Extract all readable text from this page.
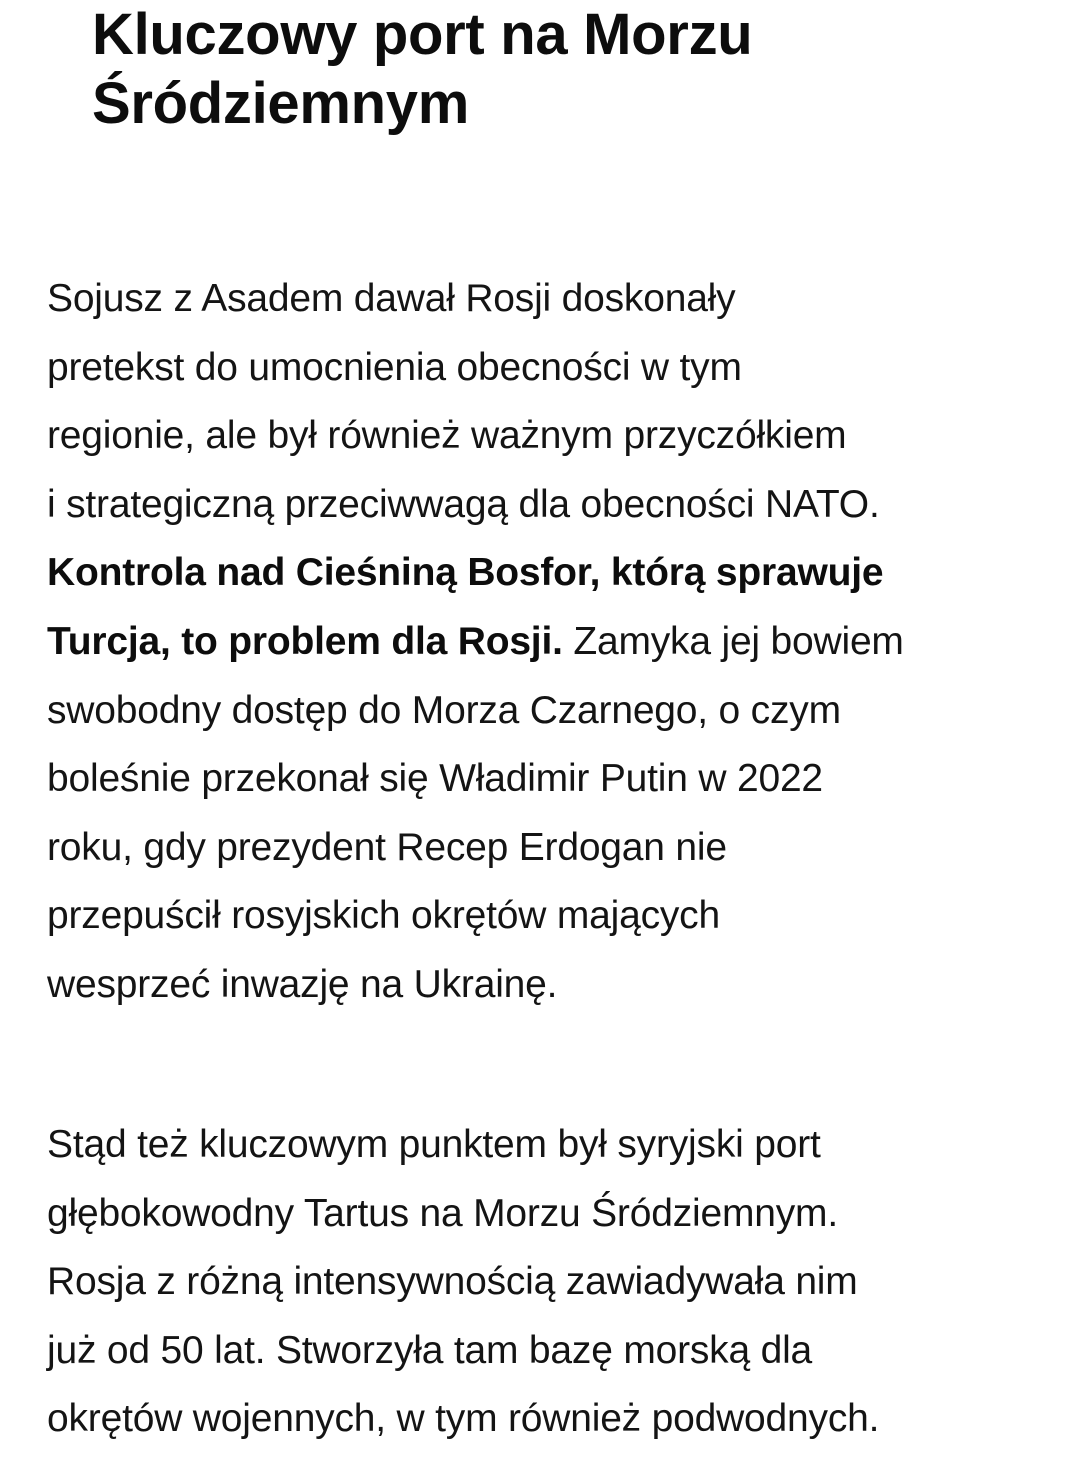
Kluczowy port na Morzu
Śródziemnym

Sojusz z Asadem dawał Rosji doskonały
pretekst do umocnienia obecności w tym
regionie, ale był również ważnym przyczółkiem
i strategiczną przeciwwagą dla obecności NATO.
Kontrola nad Cieśniną Bosfor, którą sprawuje
Turcja, to problem dla Rosji. Zamyka jej bowiem
swobodny dostęp do Morza Czarnego, o czym
boleśnie przekonał się Władimir Putin w 2022
roku, gdy prezydent Recep Erdogan nie
przepuścił rosyjskich okrętów mających
wesprzeć inwazję na Ukrainę.

Stąd też kluczowym punktem był syryjski port
głębokowodny Tartus na Morzu Śródziemnym.
Rosja z różną intensywnością zawiadywała nim
już od 50 lat. Stworzyła tam bazę morską dla
okrętów wojennych, w tym również podwodnych.
